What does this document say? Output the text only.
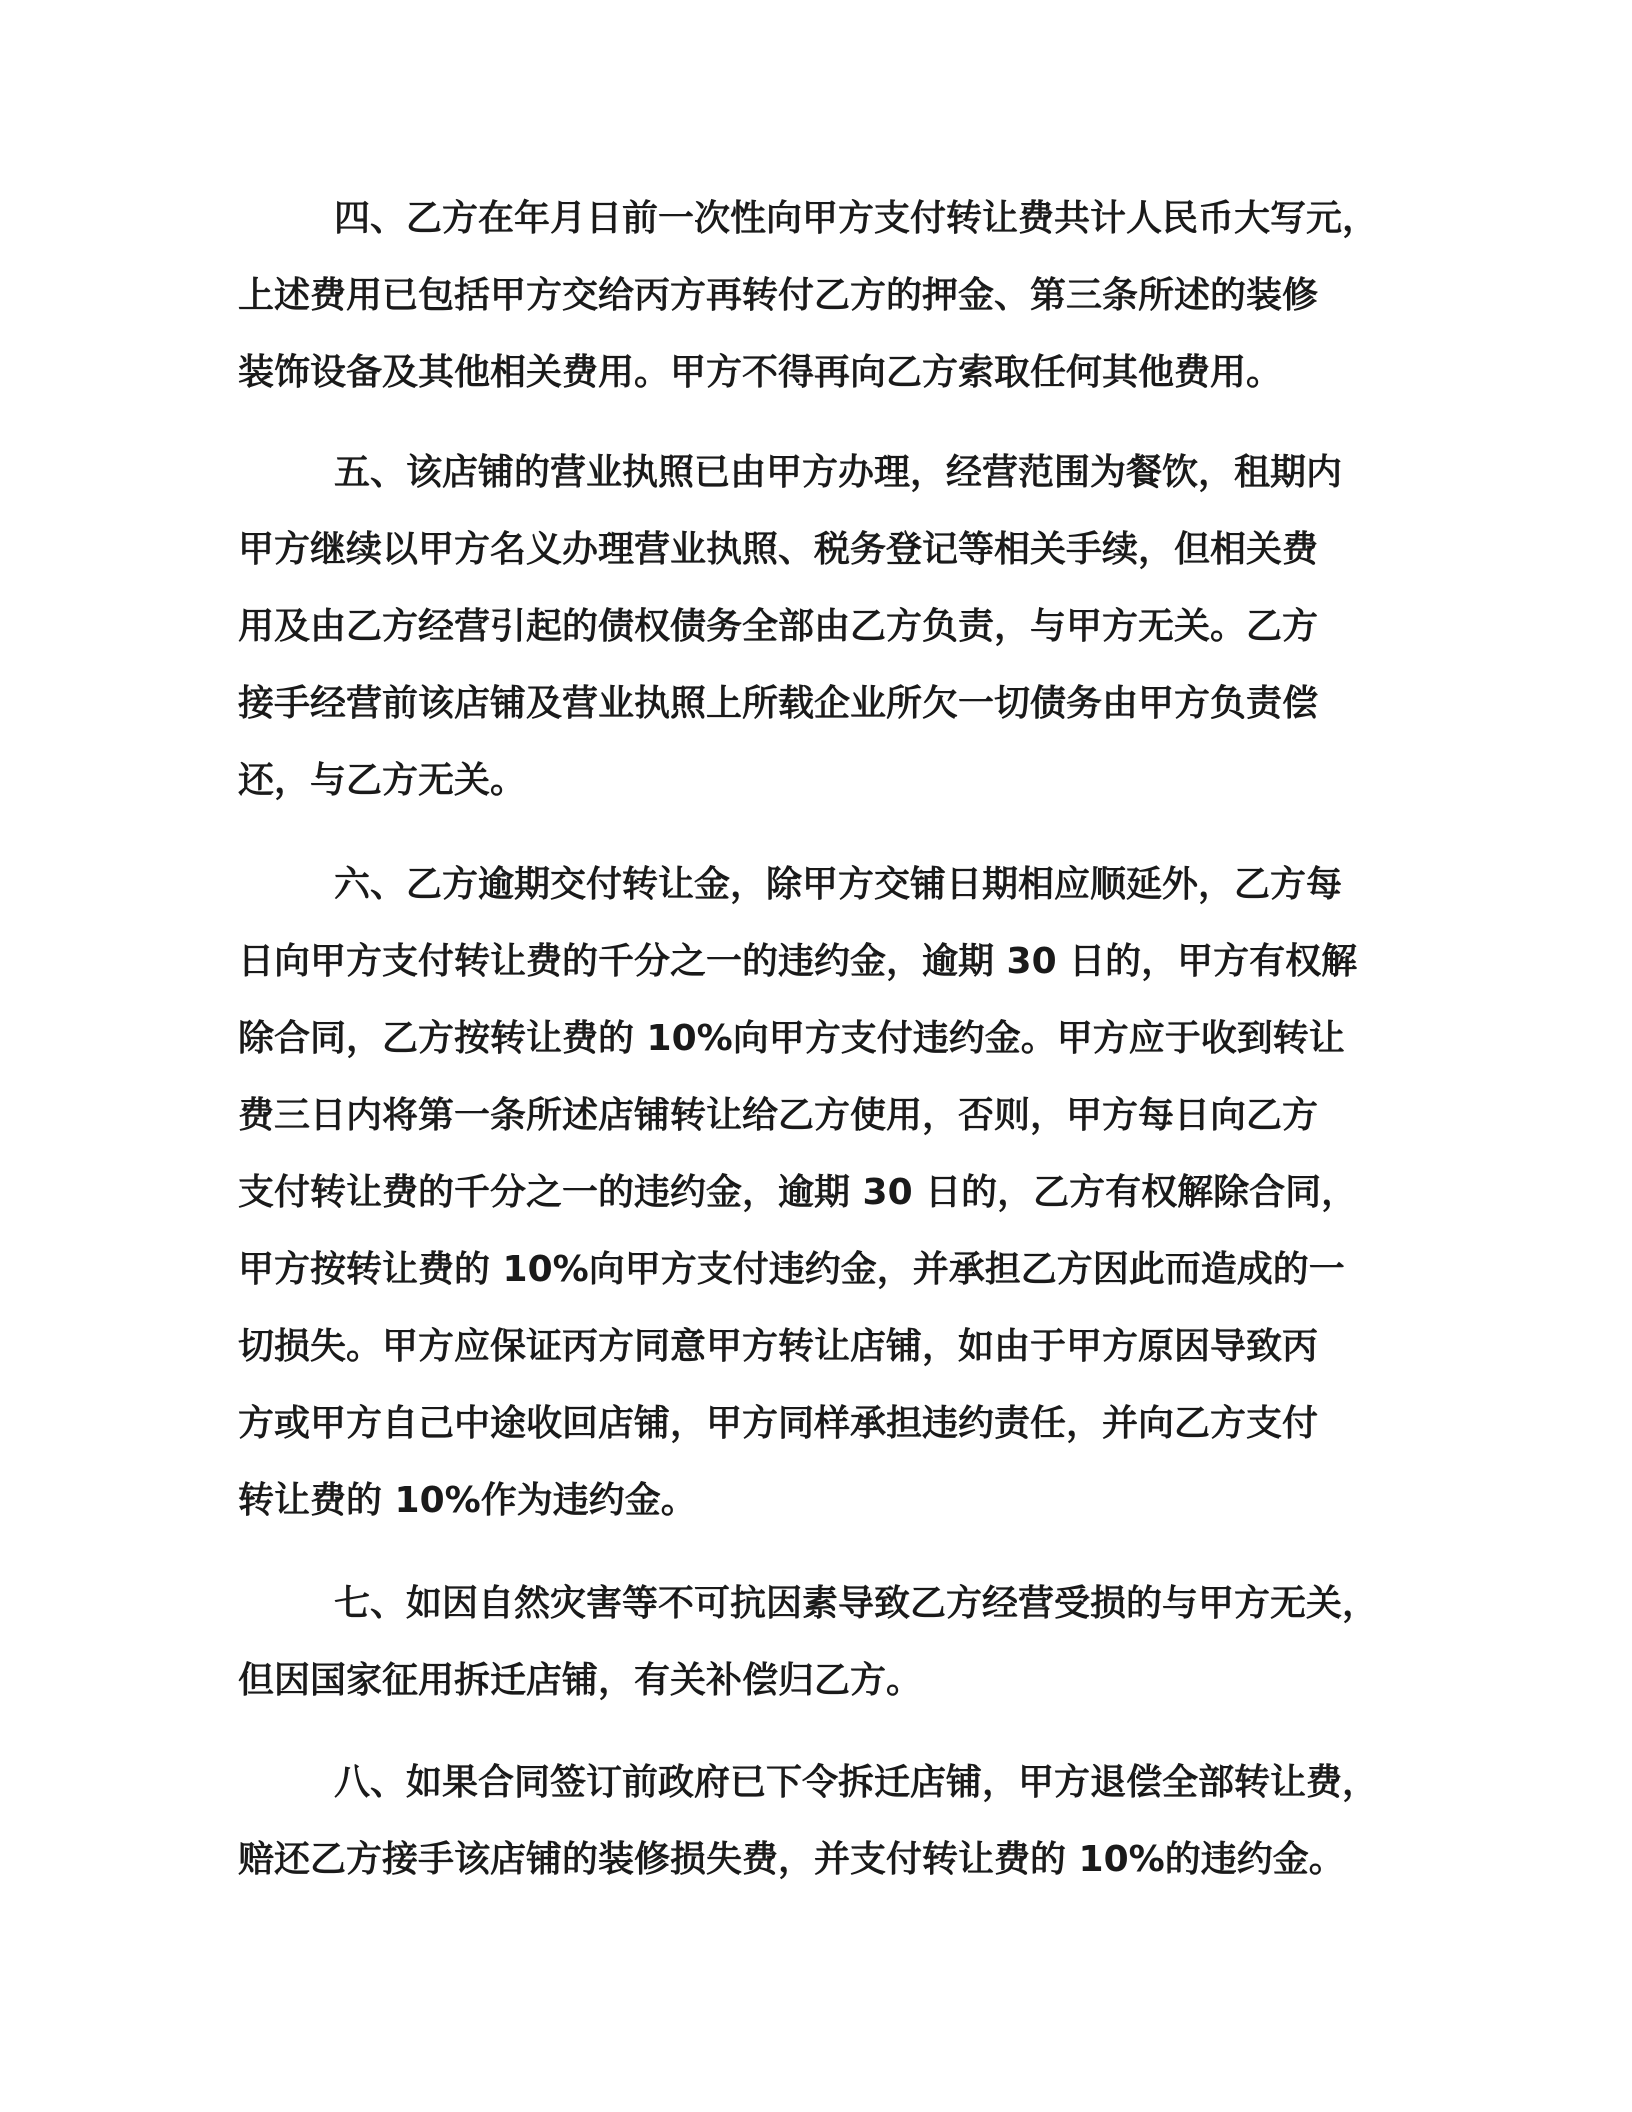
四、乙方在年月日前一次性向甲方支付转让费共计人民币大写元，
上述费用已包括甲方交给丙方再转付乙方的押金、第三条所述的装修
装饰设备及其他相关费用。甲方不得再向乙方索取任何其他费用。
五、该店铺的营业执照已由甲方办理，经营范围为餐饮，租期内
甲方继续以甲方名义办理营业执照、税务登记等相关手续，但相关费
用及由乙方经营引起的债权债务全部由乙方负责，与甲方无关。乙方
接手经营前该店铺及营业执照上所载企业所欠一切债务由甲方负责偿
还，与乙方无关。
六、乙方逾期交付转让金，除甲方交铺日期相应顺延外，乙方每
日向甲方支付转让费的千分之一的违约金，逾期 30 日的，甲方有权解
除合同，乙方按转让费的 10%向甲方支付违约金。甲方应于收到转让
费三日内将第一条所述店铺转让给乙方使用，否则，甲方每日向乙方
支付转让费的千分之一的违约金，逾期 30 日的，乙方有权解除合同，
甲方按转让费的 10%向甲方支付违约金，并承担乙方因此而造成的一
切损失。甲方应保证丙方同意甲方转让店铺，如由于甲方原因导致丙
方或甲方自己中途收回店铺，甲方同样承担违约责任，并向乙方支付
转让费的 10%作为违约金。
七、如因自然灾害等不可抗因素导致乙方经营受损的与甲方无关，
但因国家征用拆迁店铺，有关补偿归乙方。
八、如果合同签订前政府已下令拆迁店铺，甲方退偿全部转让费，
赔还乙方接手该店铺的装修损失费，并支付转让费的 10%的违约金。
